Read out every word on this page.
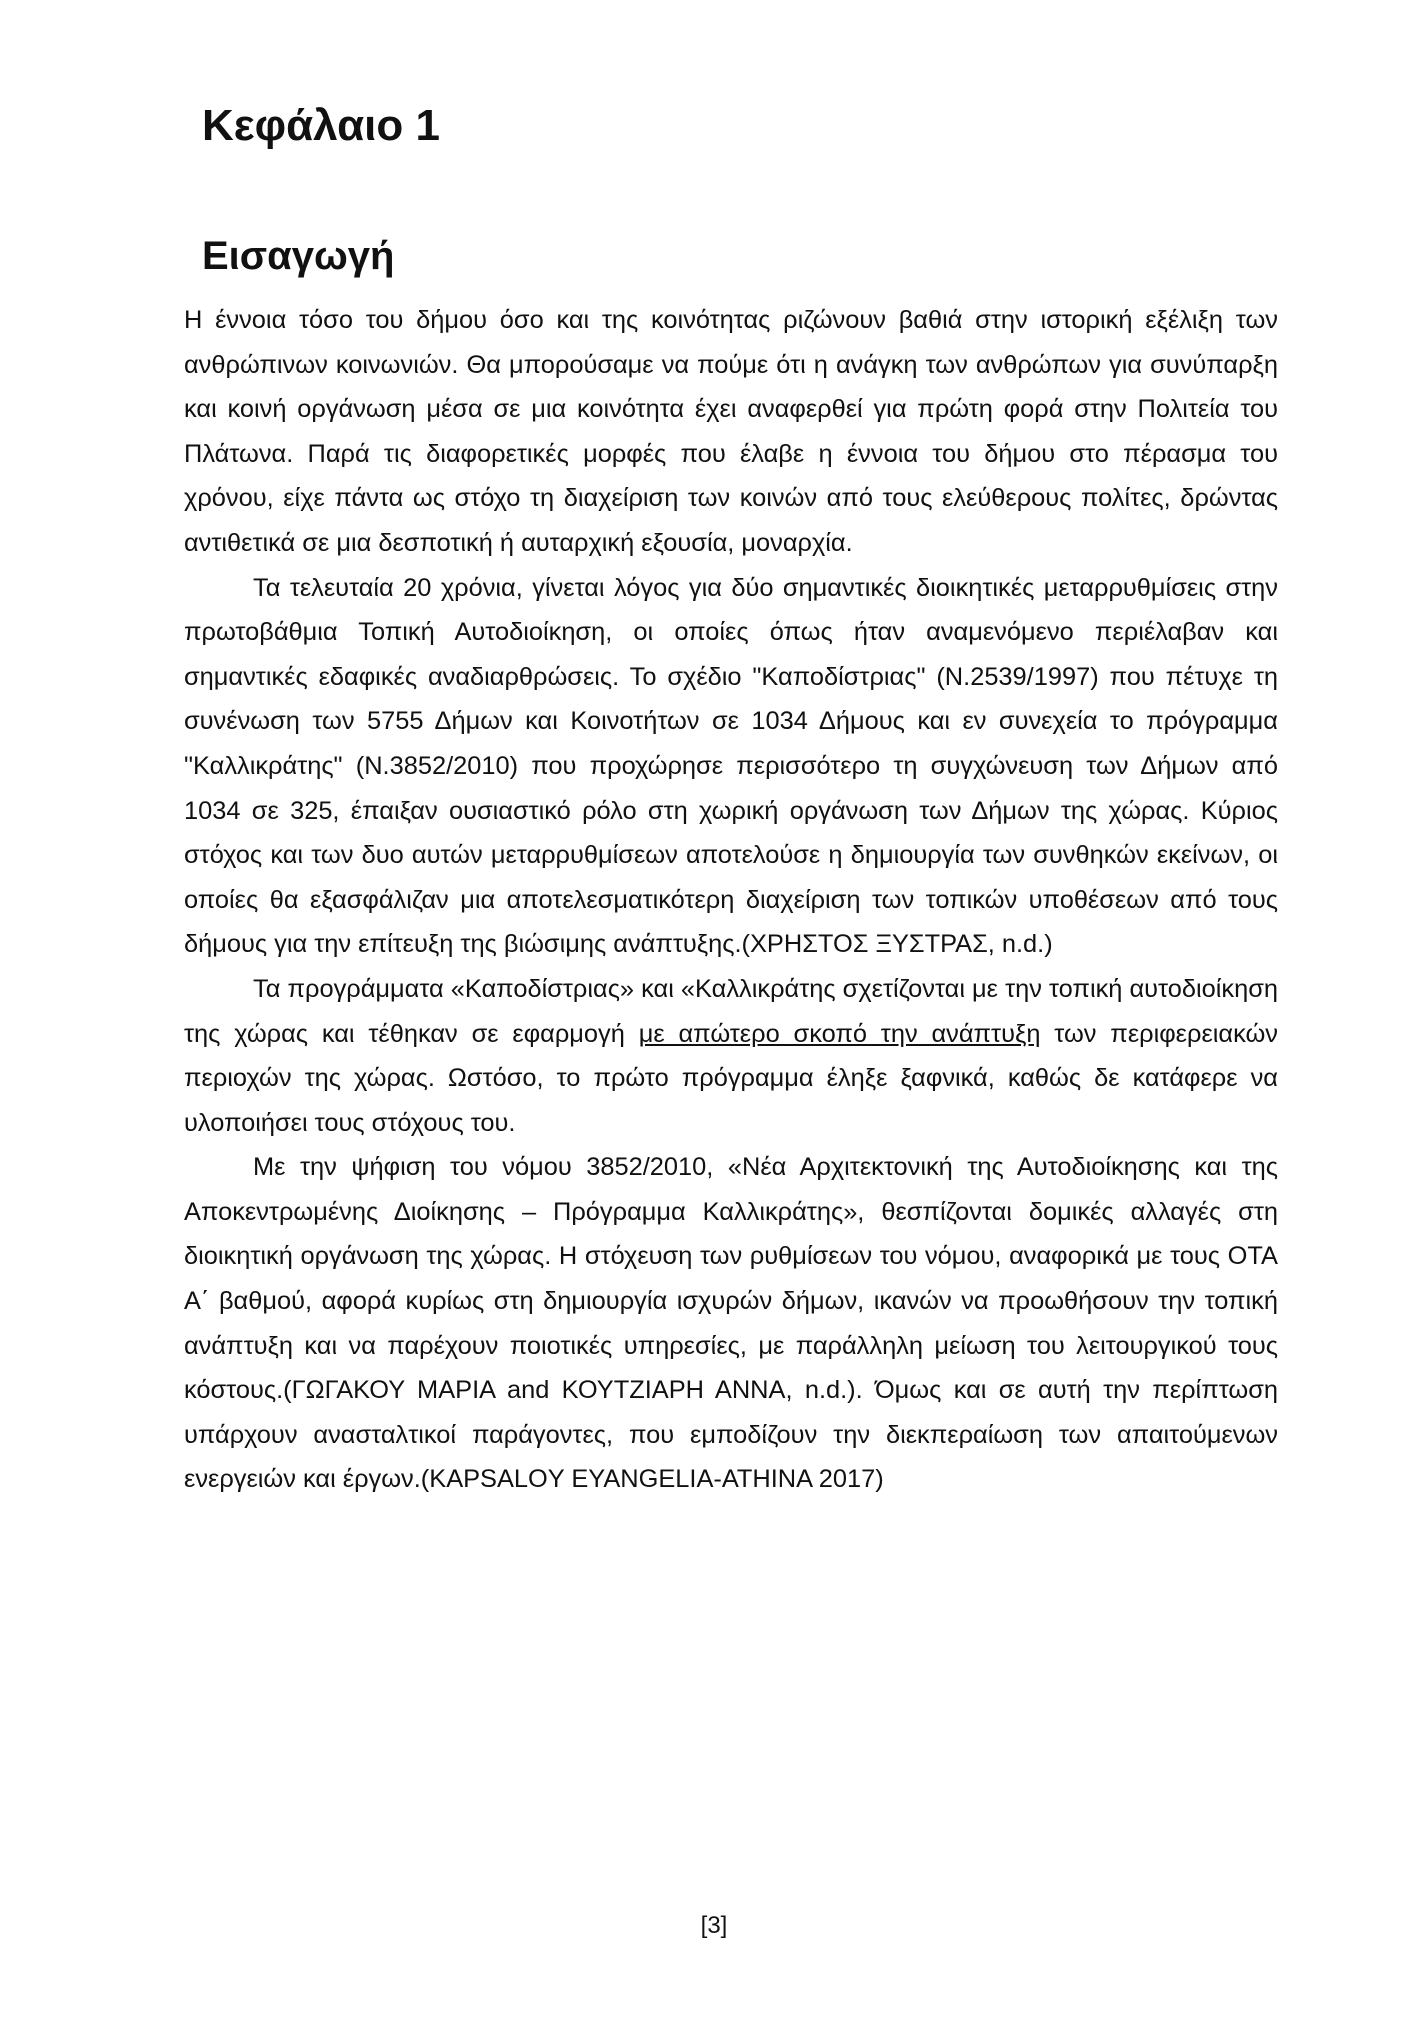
Κεφάλαιο 1
Εισαγωγή

Η έννοια τόσο του δήμου όσο και της κοινότητας ριζώνουν βαθιά στην ιστορική εξέλιξη των ανθρώπινων κοινωνιών. Θα μπορούσαμε να πούμε ότι η ανάγκη των ανθρώπων για συνύπαρξη και κοινή οργάνωση μέσα σε μια κοινότητα έχει αναφερθεί για πρώτη φορά στην Πολιτεία του Πλάτωνα. Παρά τις διαφορετικές μορφές που έλαβε η έννοια του δήμου στο πέρασμα του χρόνου, είχε πάντα ως στόχο τη διαχείριση των κοινών από τους ελεύθερους πολίτες, δρώντας αντιθετικά σε μια δεσποτική ή αυταρχική εξουσία, μοναρχία.

Τα τελευταία 20 χρόνια, γίνεται λόγος για δύο σημαντικές διοικητικές μεταρρυθμίσεις στην πρωτοβάθμια Τοπική Αυτοδιοίκηση, οι οποίες όπως ήταν αναμενόμενο περιέλαβαν και σημαντικές εδαφικές αναδιαρθρώσεις. Το σχέδιο "Καποδίστριας" (Ν.2539/1997) που πέτυχε τη συνένωση των 5755 Δήμων και Κοινοτήτων σε 1034 Δήμους και εν συνεχεία το πρόγραμμα "Καλλικράτης" (Ν.3852/2010) που προχώρησε περισσότερο τη συγχώνευση των Δήμων από 1034 σε 325, έπαιξαν ουσιαστικό ρόλο στη χωρική οργάνωση των Δήμων της χώρας. Κύριος στόχος και των δυο αυτών μεταρρυθμίσεων αποτελούσε η δημιουργία των συνθηκών εκείνων, οι οποίες θα εξασφάλιζαν μια αποτελεσματικότερη διαχείριση των τοπικών υποθέσεων από τους δήμους για την επίτευξη της βιώσιμης ανάπτυξης.(ΧΡΗΣΤΟΣ ΞΥΣΤΡΑΣ, n.d.)

Τα προγράμματα «Καποδίστριας» και «Καλλικράτης σχετίζονται με την τοπική αυτοδιοίκηση της χώρας και τέθηκαν σε εφαρμογή με απώτερο σκοπό την ανάπτυξη των περιφερειακών περιοχών της χώρας. Ωστόσο, το πρώτο πρόγραμμα έληξε ξαφνικά, καθώς δε κατάφερε να υλοποιήσει τους στόχους του.

Με την ψήφιση του νόμου 3852/2010, «Νέα Αρχιτεκτονική της Αυτοδιοίκησης και της Αποκεντρωμένης Διοίκησης – Πρόγραμμα Καλλικράτης», θεσπίζονται δομικές αλλαγές στη διοικητική οργάνωση της χώρας. Η στόχευση των ρυθμίσεων του νόμου, αναφορικά με τους ΟΤΑ Α΄ βαθμού, αφορά κυρίως στη δημιουργία ισχυρών δήμων, ικανών να προωθήσουν την τοπική ανάπτυξη και να παρέχουν ποιοτικές υπηρεσίες, με παράλληλη μείωση του λειτουργικού τους κόστους.(ΓΩΓΑΚΟΥ ΜΑΡΙΑ and ΚΟΥΤΖΙΑΡΗ ΑΝΝΑ, n.d.). Όμως και σε αυτή την περίπτωση υπάρχουν ανασταλτικοί παράγοντες, που εμποδίζουν την διεκπεραίωση των απαιτούμενων ενεργειών και έργων.(KAPSALOY EYANGELIA-ATHINA 2017)

[3]
